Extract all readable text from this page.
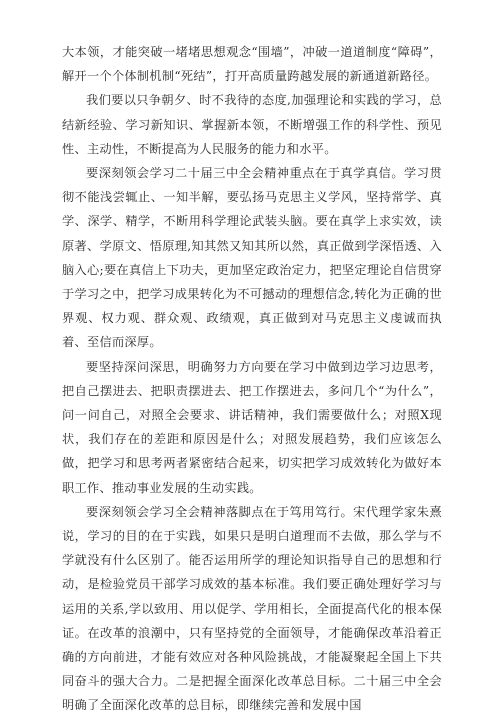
大本领，才能突破一堵堵思想观念“围墙”，冲破一道道制度“障碍”，解开一个个体制机制“死结”，打开高质量跨越发展的新通道新路径。

我们要以只争朝夕、时不我待的态度,加强理论和实践的学习，总结新经验、学习新知识、掌握新本领，不断增强工作的科学性、预见性、主动性，不断提高为人民服务的能力和水平。

要深刻领会学习二十届三中全会精神重点在于真学真信。学习贯彻不能浅尝辄止、一知半解，要弘扬马克思主义学风，坚持常学、真学、深学、精学，不断用科学理论武装头脑。要在真学上求实效，读原著、学原文、悟原理,知其然又知其所以然，真正做到学深悟透、入脑入心;要在真信上下功夫，更加坚定政治定力，把坚定理论自信贯穿于学习之中，把学习成果转化为不可撼动的理想信念,转化为正确的世界观、权力观、群众观、政绩观，真正做到对马克思主义虔诚而执着、至信而深厚。

要坚持深问深思，明确努力方向要在学习中做到边学习边思考，把自己摆进去、把职责摆进去、把工作摆进去，多问几个“为什么”，问一问自己，对照全会要求、讲话精神，我们需要做什么；对照X现状，我们存在的差距和原因是什么；对照发展趋势，我们应该怎么做，把学习和思考两者紧密结合起来，切实把学习成效转化为做好本职工作、推动事业发展的生动实践。

要深刻领会学习全会精神落脚点在于笃用笃行。宋代理学家朱熹说，学习的目的在于实践，如果只是明白道理而不去做，那么学与不学就没有什么区别了。能否运用所学的理论知识指导自己的思想和行动，是检验党员干部学习成效的基本标准。我们要正确处理好学习与运用的关系,学以致用、用以促学、学用相长，全面提高代化的根本保证。在改革的浪潮中，只有坚持党的全面领导，才能确保改革沿着正确的方向前进，才能有效应对各种风险挑战，才能凝聚起全国上下共同奋斗的强大合力。二是把握全面深化改革总目标。二十届三中全会明确了全面深化改革的总目标，即继续完善和发展中国
